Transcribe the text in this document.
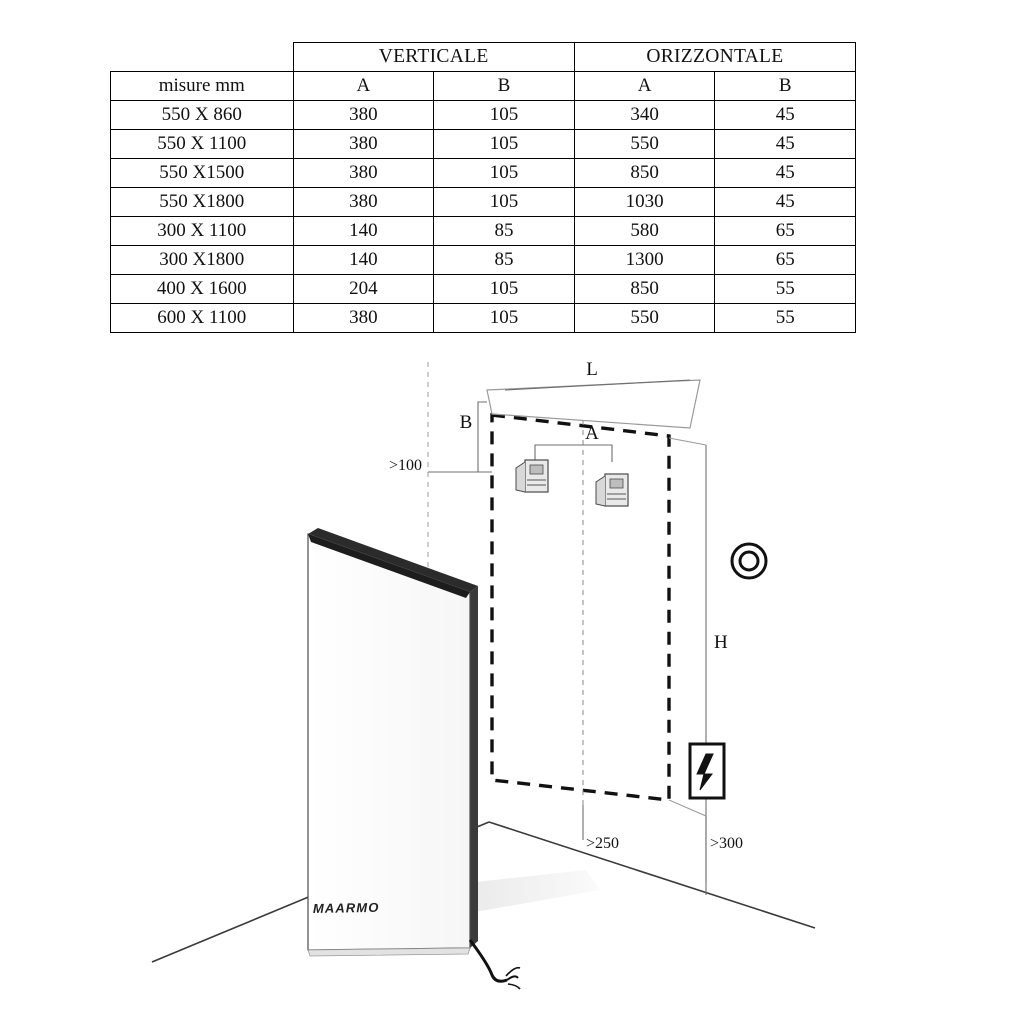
	VERTICALE		ORIZZONTALE	
misure mm	A	B	A	B
550 X 860	380	105	340	45
550 X 1100	380	105	550	45
550 X1500	380	105	850	45
550 X1800	380	105	1030	45
300 X 1100	140	85	580	65
300 X1800	140	85	1300	65
400 X 1600	204	105	850	55
600 X 1100	380	105	550	55
L
B
A
>100
H
>250	>300
MAARMO
